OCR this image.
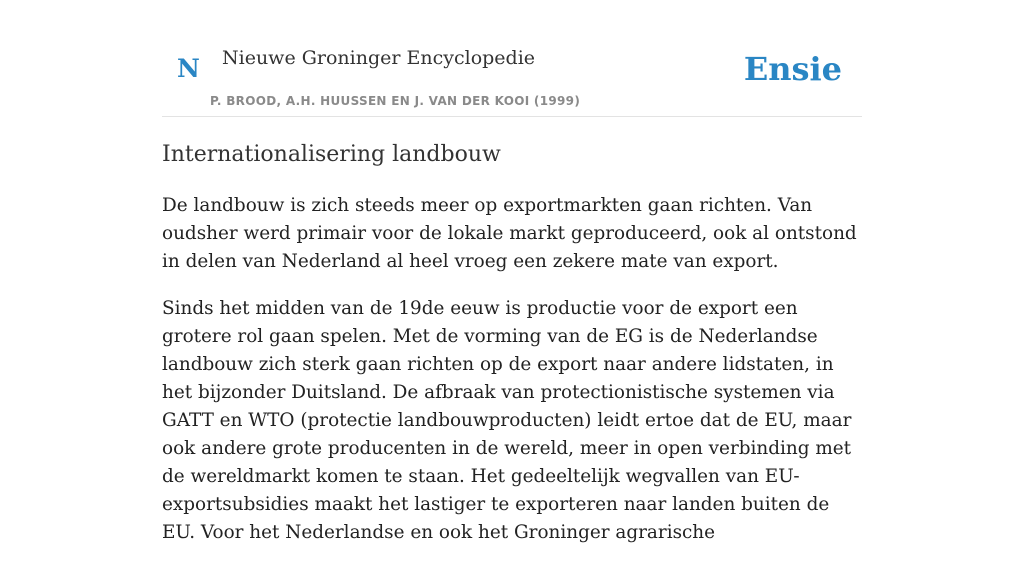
N Nieuwe Groninger Encyclopedie
P. BROOD, A.H. HUUSSEN EN J. VAN DER KOOI (1999)
Ensie
Internationalisering landbouw

De landbouw is zich steeds meer op exportmarkten gaan richten. Van oudsher werd primair voor de lokale markt geproduceerd, ook al ontstond in delen van Nederland al heel vroeg een zekere mate van export.

Sinds het midden van de 19de eeuw is productie voor de export een grotere rol gaan spelen. Met de vorming van de EG is de Nederlandse landbouw zich sterk gaan richten op de export naar andere lidstaten, in het bijzonder Duitsland. De afbraak van protectionistische systemen via GATT en WTO (protectie landbouwproducten) leidt ertoe dat de EU, maar ook andere grote producenten in de wereld, meer in open verbinding met de wereldmarkt komen te staan. Het gedeeltelijk wegvallen van EU-exportsubsidies maakt het lastiger te exporteren naar landen buiten de EU. Voor het Nederlandse en ook het Groninger agrarische
